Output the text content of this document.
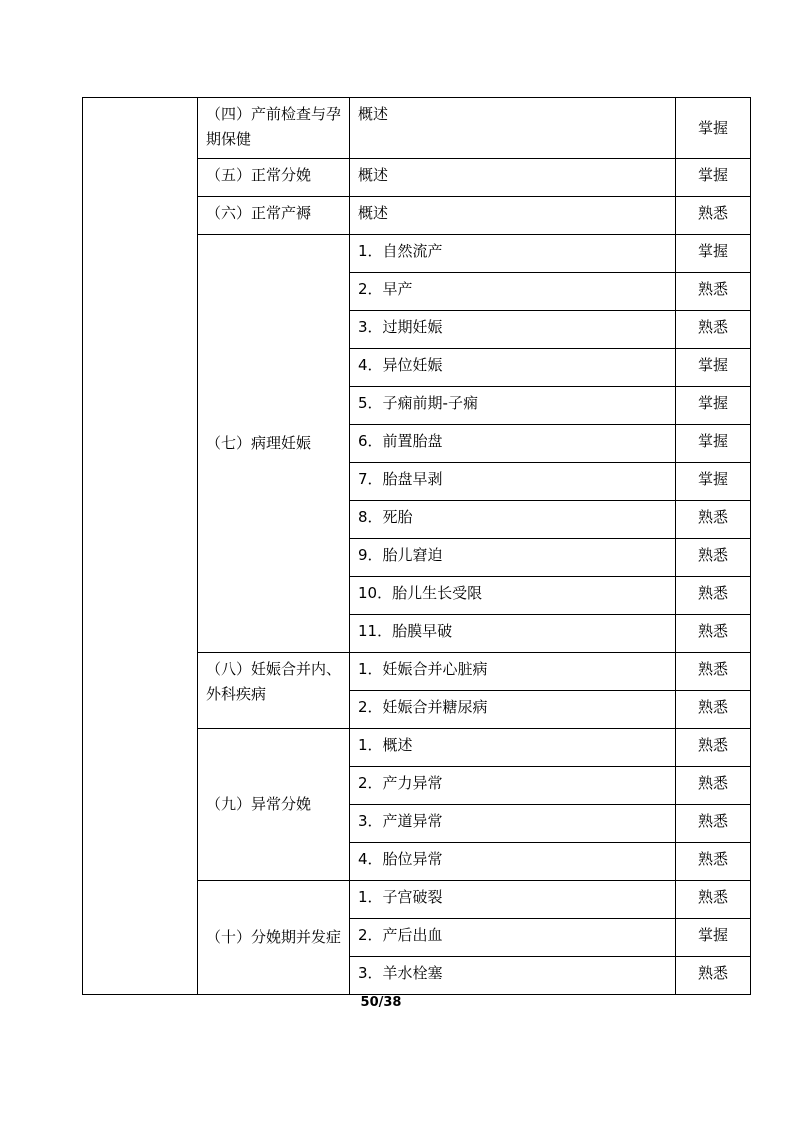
	（四）产前检查与孕期保健	概述	掌握
	（五）正常分娩	概述	掌握
	（六）正常产褥	概述	熟悉
	（七）病理妊娠	1．自然流产	掌握
		2．早产	熟悉
		3．过期妊娠	熟悉
		4．异位妊娠	掌握
		5．子痫前期-子痫	掌握
		6．前置胎盘	掌握
		7．胎盘早剥	掌握
		8．死胎	熟悉
		9．胎儿窘迫	熟悉
		10．胎儿生长受限	熟悉
		11．胎膜早破	熟悉
	（八）妊娠合并内、外科疾病	1．妊娠合并心脏病	熟悉
		2．妊娠合并糖尿病	熟悉
	（九）异常分娩	1．概述	熟悉
		2．产力异常	熟悉
		3．产道异常	熟悉
		4．胎位异常	熟悉
	（十）分娩期并发症	1．子宫破裂	熟悉
		2．产后出血	掌握
		3．羊水栓塞	熟悉
50/38
